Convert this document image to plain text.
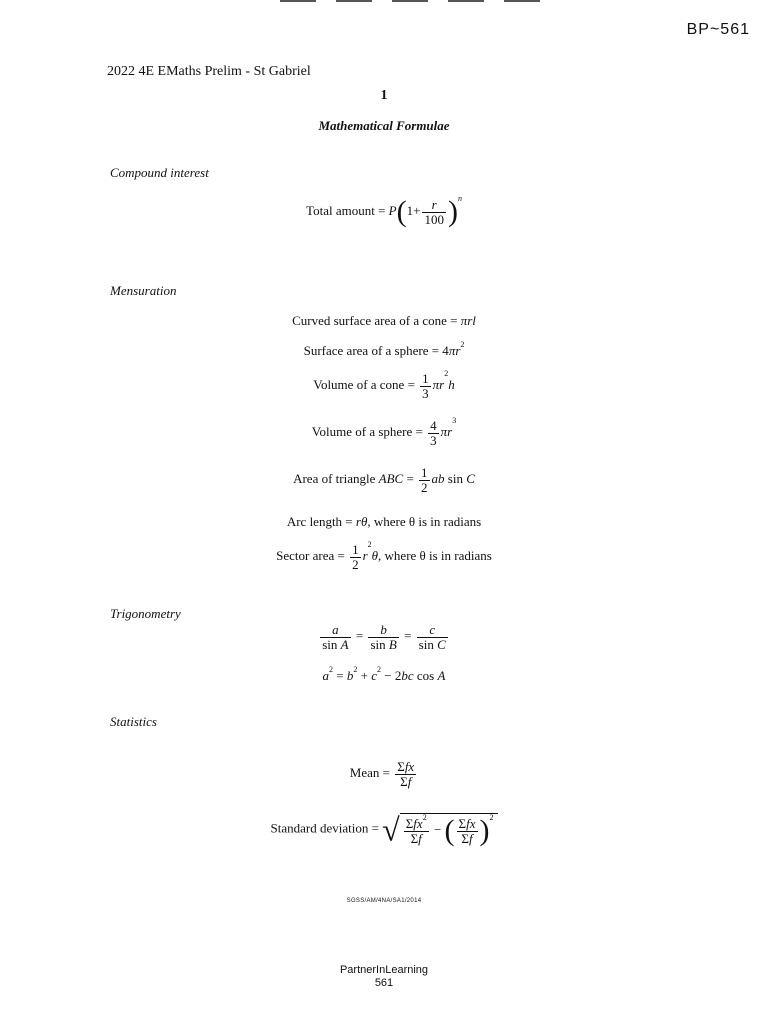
BP~561
2022 4E EMaths Prelim - St Gabriel
1
Mathematical Formulae
Compound interest
Total amount = $P(1+ \frac{r}{100} )^n$
Mensuration
Curved surface area of a cone = πrl
Surface area of a sphere = $4\pi r^2$
Volume of a cone = $\frac{1}{3} \pi r^2h$
Volume of a sphere = $\frac{4}{3} \pi r^3$
Area of triangle ABC = $\frac{1}{2}$ ab sin C
Arc length = rθ, where θ is in radians
Sector area = $\frac{1}{2} r^2\theta$, where θ is in radians
Trigonometry
$\frac{a}{\text{sin A}} = \frac{b}{\text{sin B}} = \frac{c}{\text{sin C}}$
$a^2 = b^2 + c^2 - 2bc$ cos A
Statistics
Mean = $\frac{\text{Σfx}}{\Sigma f}$
Standard deviation = √ $\frac{\Sigma fx^2}{\Sigma f}$ − ( $\frac{\text{Σfx}}{\Sigma f} )^2$
SGSS/AM/4NA/SA1/2014
PartnerInLearning
561
